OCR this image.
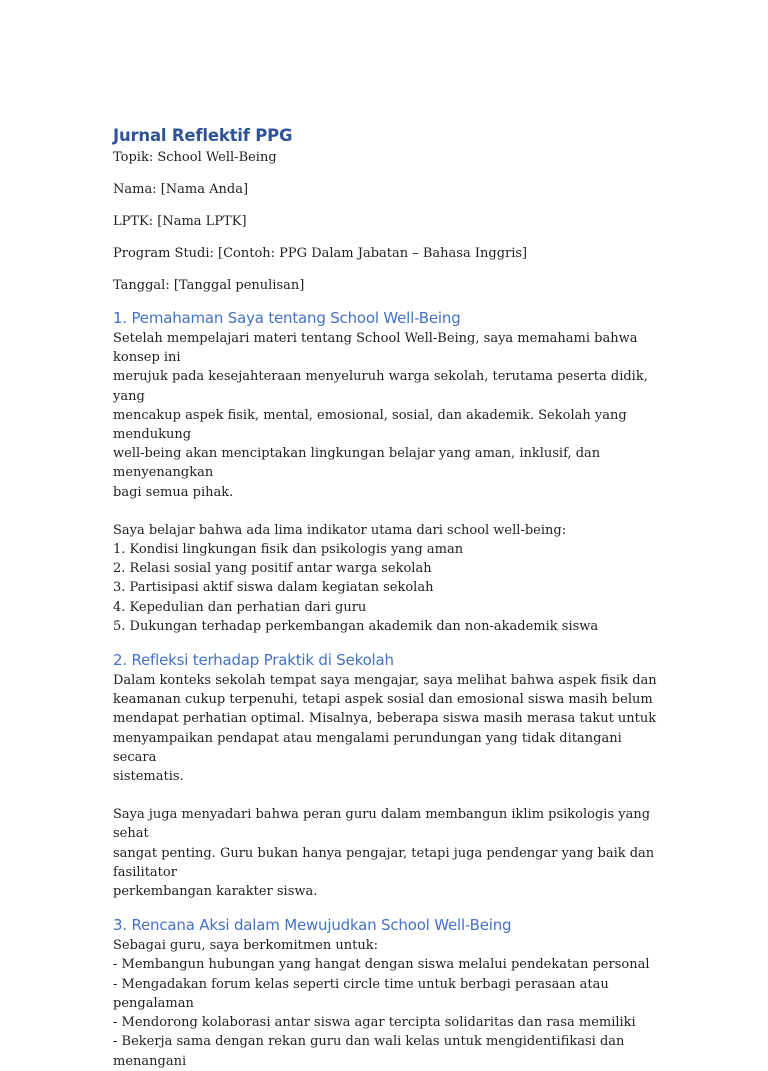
Jurnal Reflektif PPG

Topik: School Well-Being

Nama: [Nama Anda]

LPTK: [Nama LPTK]

Program Studi: [Contoh: PPG Dalam Jabatan – Bahasa Inggris]

Tanggal: [Tanggal penulisan]

1. Pemahaman Saya tentang School Well-Being
Setelah mempelajari materi tentang School Well-Being, saya memahami bahwa konsep ini
merujuk pada kesejahteraan menyeluruh warga sekolah, terutama peserta didik, yang
mencakup aspek fisik, mental, emosional, sosial, dan akademik. Sekolah yang mendukung
well-being akan menciptakan lingkungan belajar yang aman, inklusif, dan menyenangkan
bagi semua pihak.
Saya belajar bahwa ada lima indikator utama dari school well-being:
1. Kondisi lingkungan fisik dan psikologis yang aman
2. Relasi sosial yang positif antar warga sekolah
3. Partisipasi aktif siswa dalam kegiatan sekolah
4. Kepedulian dan perhatian dari guru
5. Dukungan terhadap perkembangan akademik dan non-akademik siswa
2. Refleksi terhadap Praktik di Sekolah
Dalam konteks sekolah tempat saya mengajar, saya melihat bahwa aspek fisik dan
keamanan cukup terpenuhi, tetapi aspek sosial dan emosional siswa masih belum
mendapat perhatian optimal. Misalnya, beberapa siswa masih merasa takut untuk
menyampaikan pendapat atau mengalami perundungan yang tidak ditangani secara
sistematis.
Saya juga menyadari bahwa peran guru dalam membangun iklim psikologis yang sehat
sangat penting. Guru bukan hanya pengajar, tetapi juga pendengar yang baik dan fasilitator
perkembangan karakter siswa.
3. Rencana Aksi dalam Mewujudkan School Well-Being
Sebagai guru, saya berkomitmen untuk:
- Membangun hubungan yang hangat dengan siswa melalui pendekatan personal
- Mengadakan forum kelas seperti circle time untuk berbagi perasaan atau pengalaman
- Mendorong kolaborasi antar siswa agar tercipta solidaritas dan rasa memiliki
- Bekerja sama dengan rekan guru dan wali kelas untuk mengidentifikasi dan menangani
